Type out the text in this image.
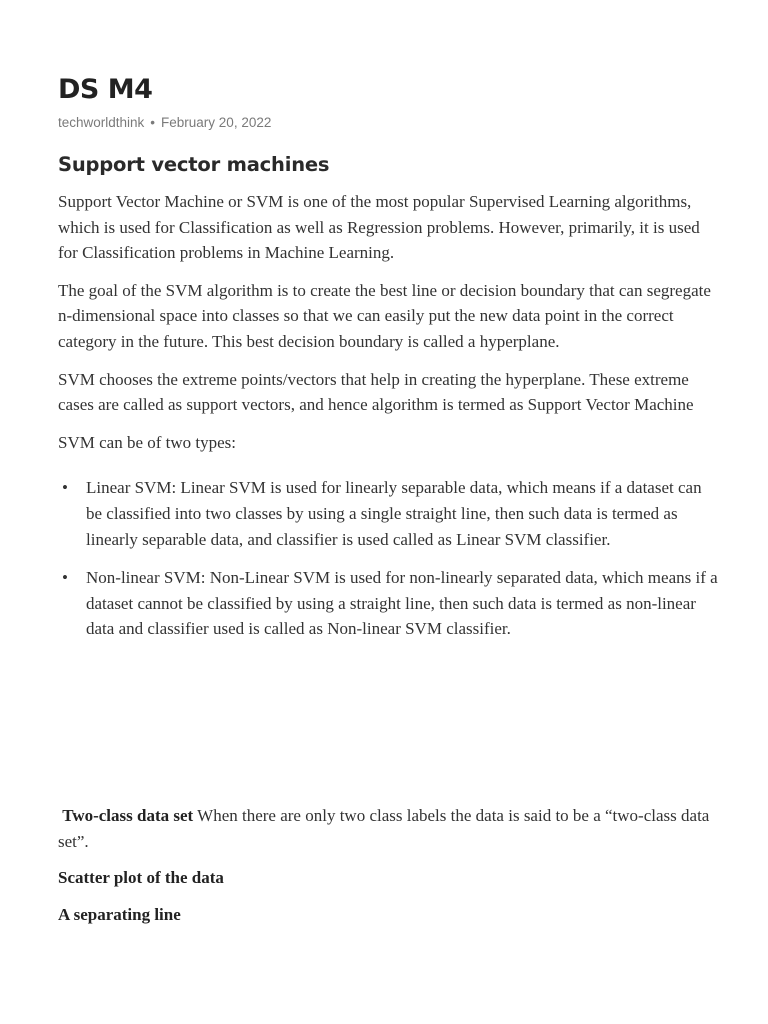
DS M4
techworldthink • February 20, 2022
Support vector machines

Support Vector Machine or SVM is one of the most popular Supervised Learning algorithms, which is used for Classification as well as Regression problems. However, primarily, it is used for Classification problems in Machine Learning.

The goal of the SVM algorithm is to create the best line or decision boundary that can segregate n-dimensional space into classes so that we can easily put the new data point in the correct category in the future. This best decision boundary is called a hyperplane.

SVM chooses the extreme points/vectors that help in creating the hyperplane. These extreme cases are called as support vectors, and hence algorithm is termed as Support Vector Machine

SVM can be of two types:

• Linear SVM: Linear SVM is used for linearly separable data, which means if a dataset can be classified into two classes by using a single straight line, then such data is termed as linearly separable data, and classifier is used called as Linear SVM classifier.
• Non-linear SVM: Non-Linear SVM is used for non-linearly separated data, which means if a dataset cannot be classified by using a straight line, then such data is termed as non-linear data and classifier used is called as Non-linear SVM classifier.

Two-class data set When there are only two class labels the data is said to be a “two-class data set”.

Scatter plot of the data

A separating line
